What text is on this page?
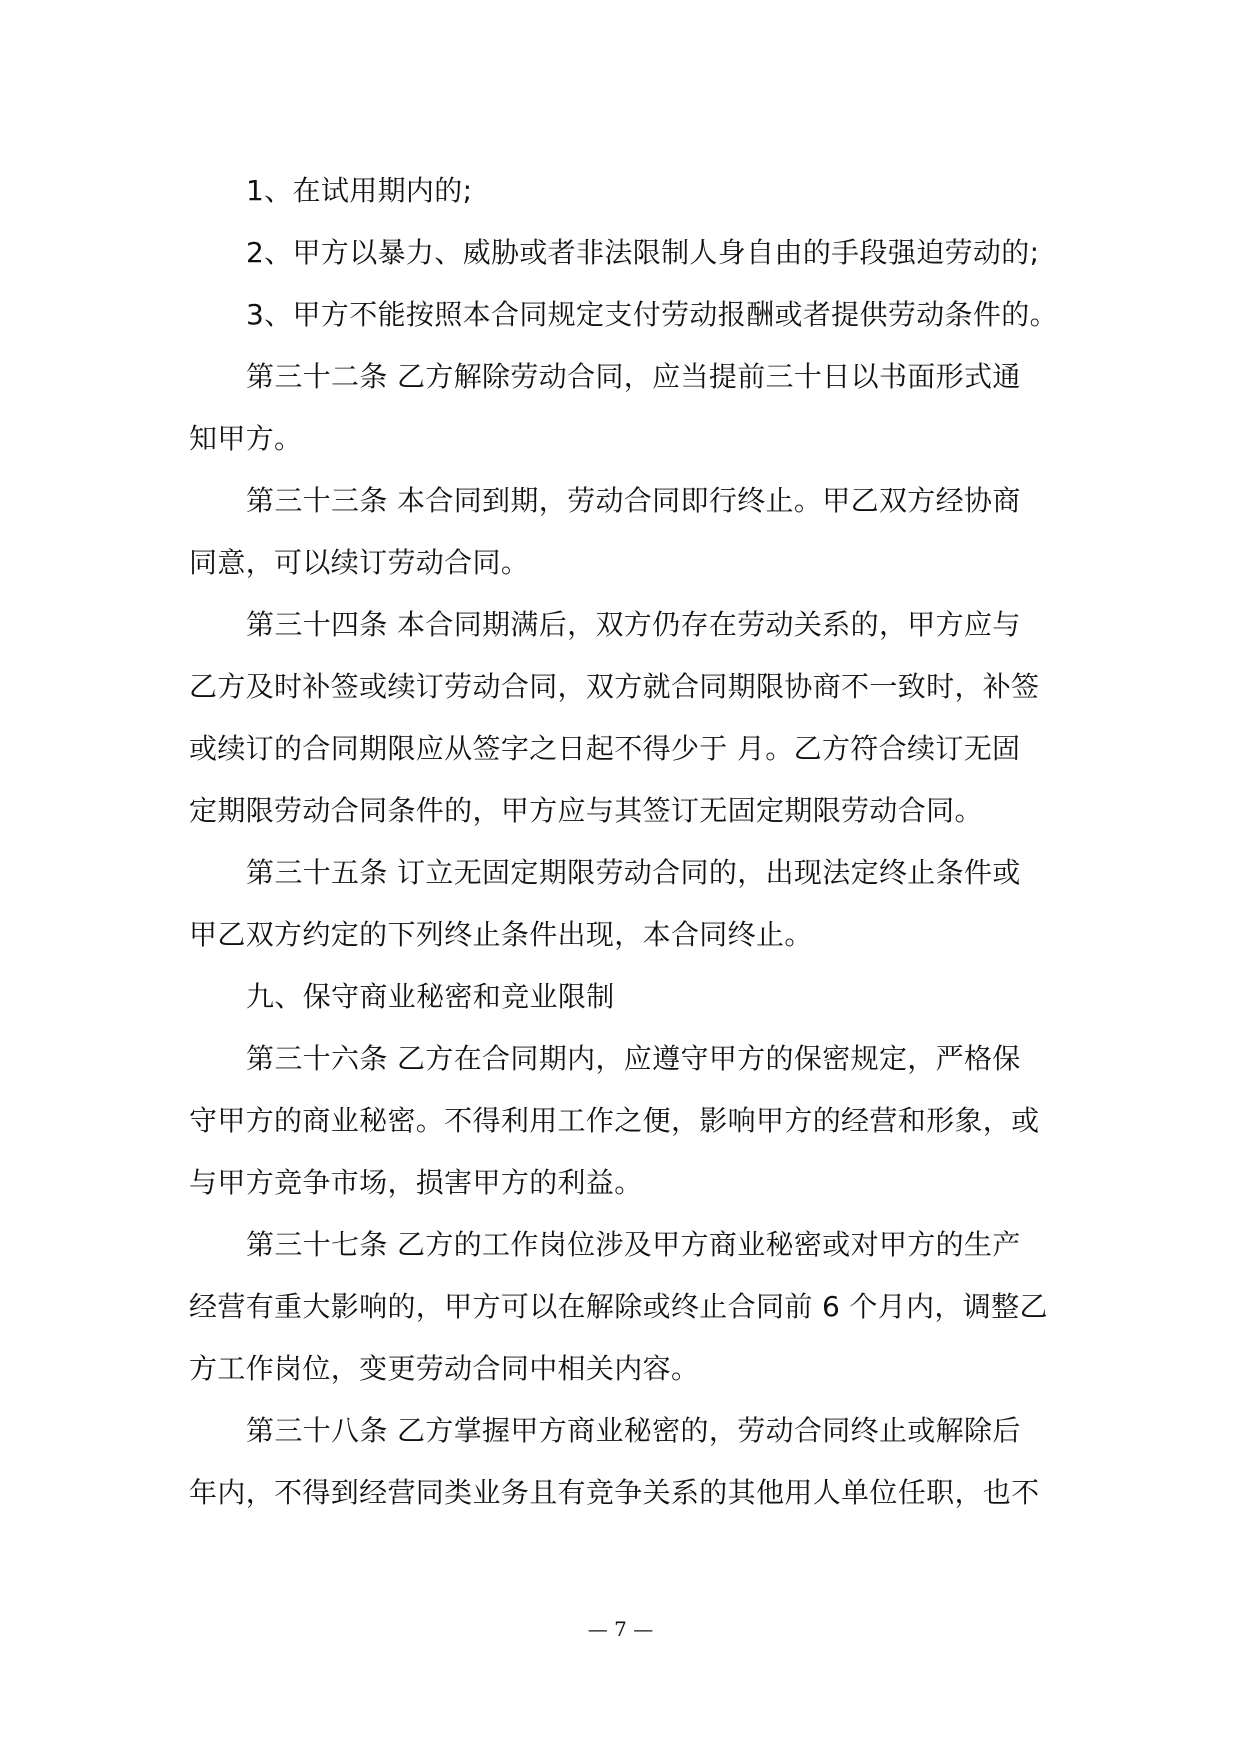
1、在试用期内的;
2、甲方以暴力、威胁或者非法限制人身自由的手段强迫劳动的;
3、甲方不能按照本合同规定支付劳动报酬或者提供劳动条件的。
第三十二条 乙方解除劳动合同，应当提前三十日以书面形式通
知甲方。
第三十三条 本合同到期，劳动合同即行终止。甲乙双方经协商
同意，可以续订劳动合同。
第三十四条 本合同期满后，双方仍存在劳动关系的，甲方应与
乙方及时补签或续订劳动合同，双方就合同期限协商不一致时，补签
或续订的合同期限应从签字之日起不得少于 月。乙方符合续订无固
定期限劳动合同条件的，甲方应与其签订无固定期限劳动合同。
第三十五条 订立无固定期限劳动合同的，出现法定终止条件或
甲乙双方约定的下列终止条件出现，本合同终止。
九、保守商业秘密和竞业限制
第三十六条 乙方在合同期内，应遵守甲方的保密规定，严格保
守甲方的商业秘密。不得利用工作之便，影响甲方的经营和形象，或
与甲方竞争市场，损害甲方的利益。
第三十七条 乙方的工作岗位涉及甲方商业秘密或对甲方的生产
经营有重大影响的，甲方可以在解除或终止合同前 6 个月内，调整乙
方工作岗位，变更劳动合同中相关内容。
第三十八条 乙方掌握甲方商业秘密的，劳动合同终止或解除后
年内，不得到经营同类业务且有竞争关系的其他用人单位任职，也不
— 7 —
